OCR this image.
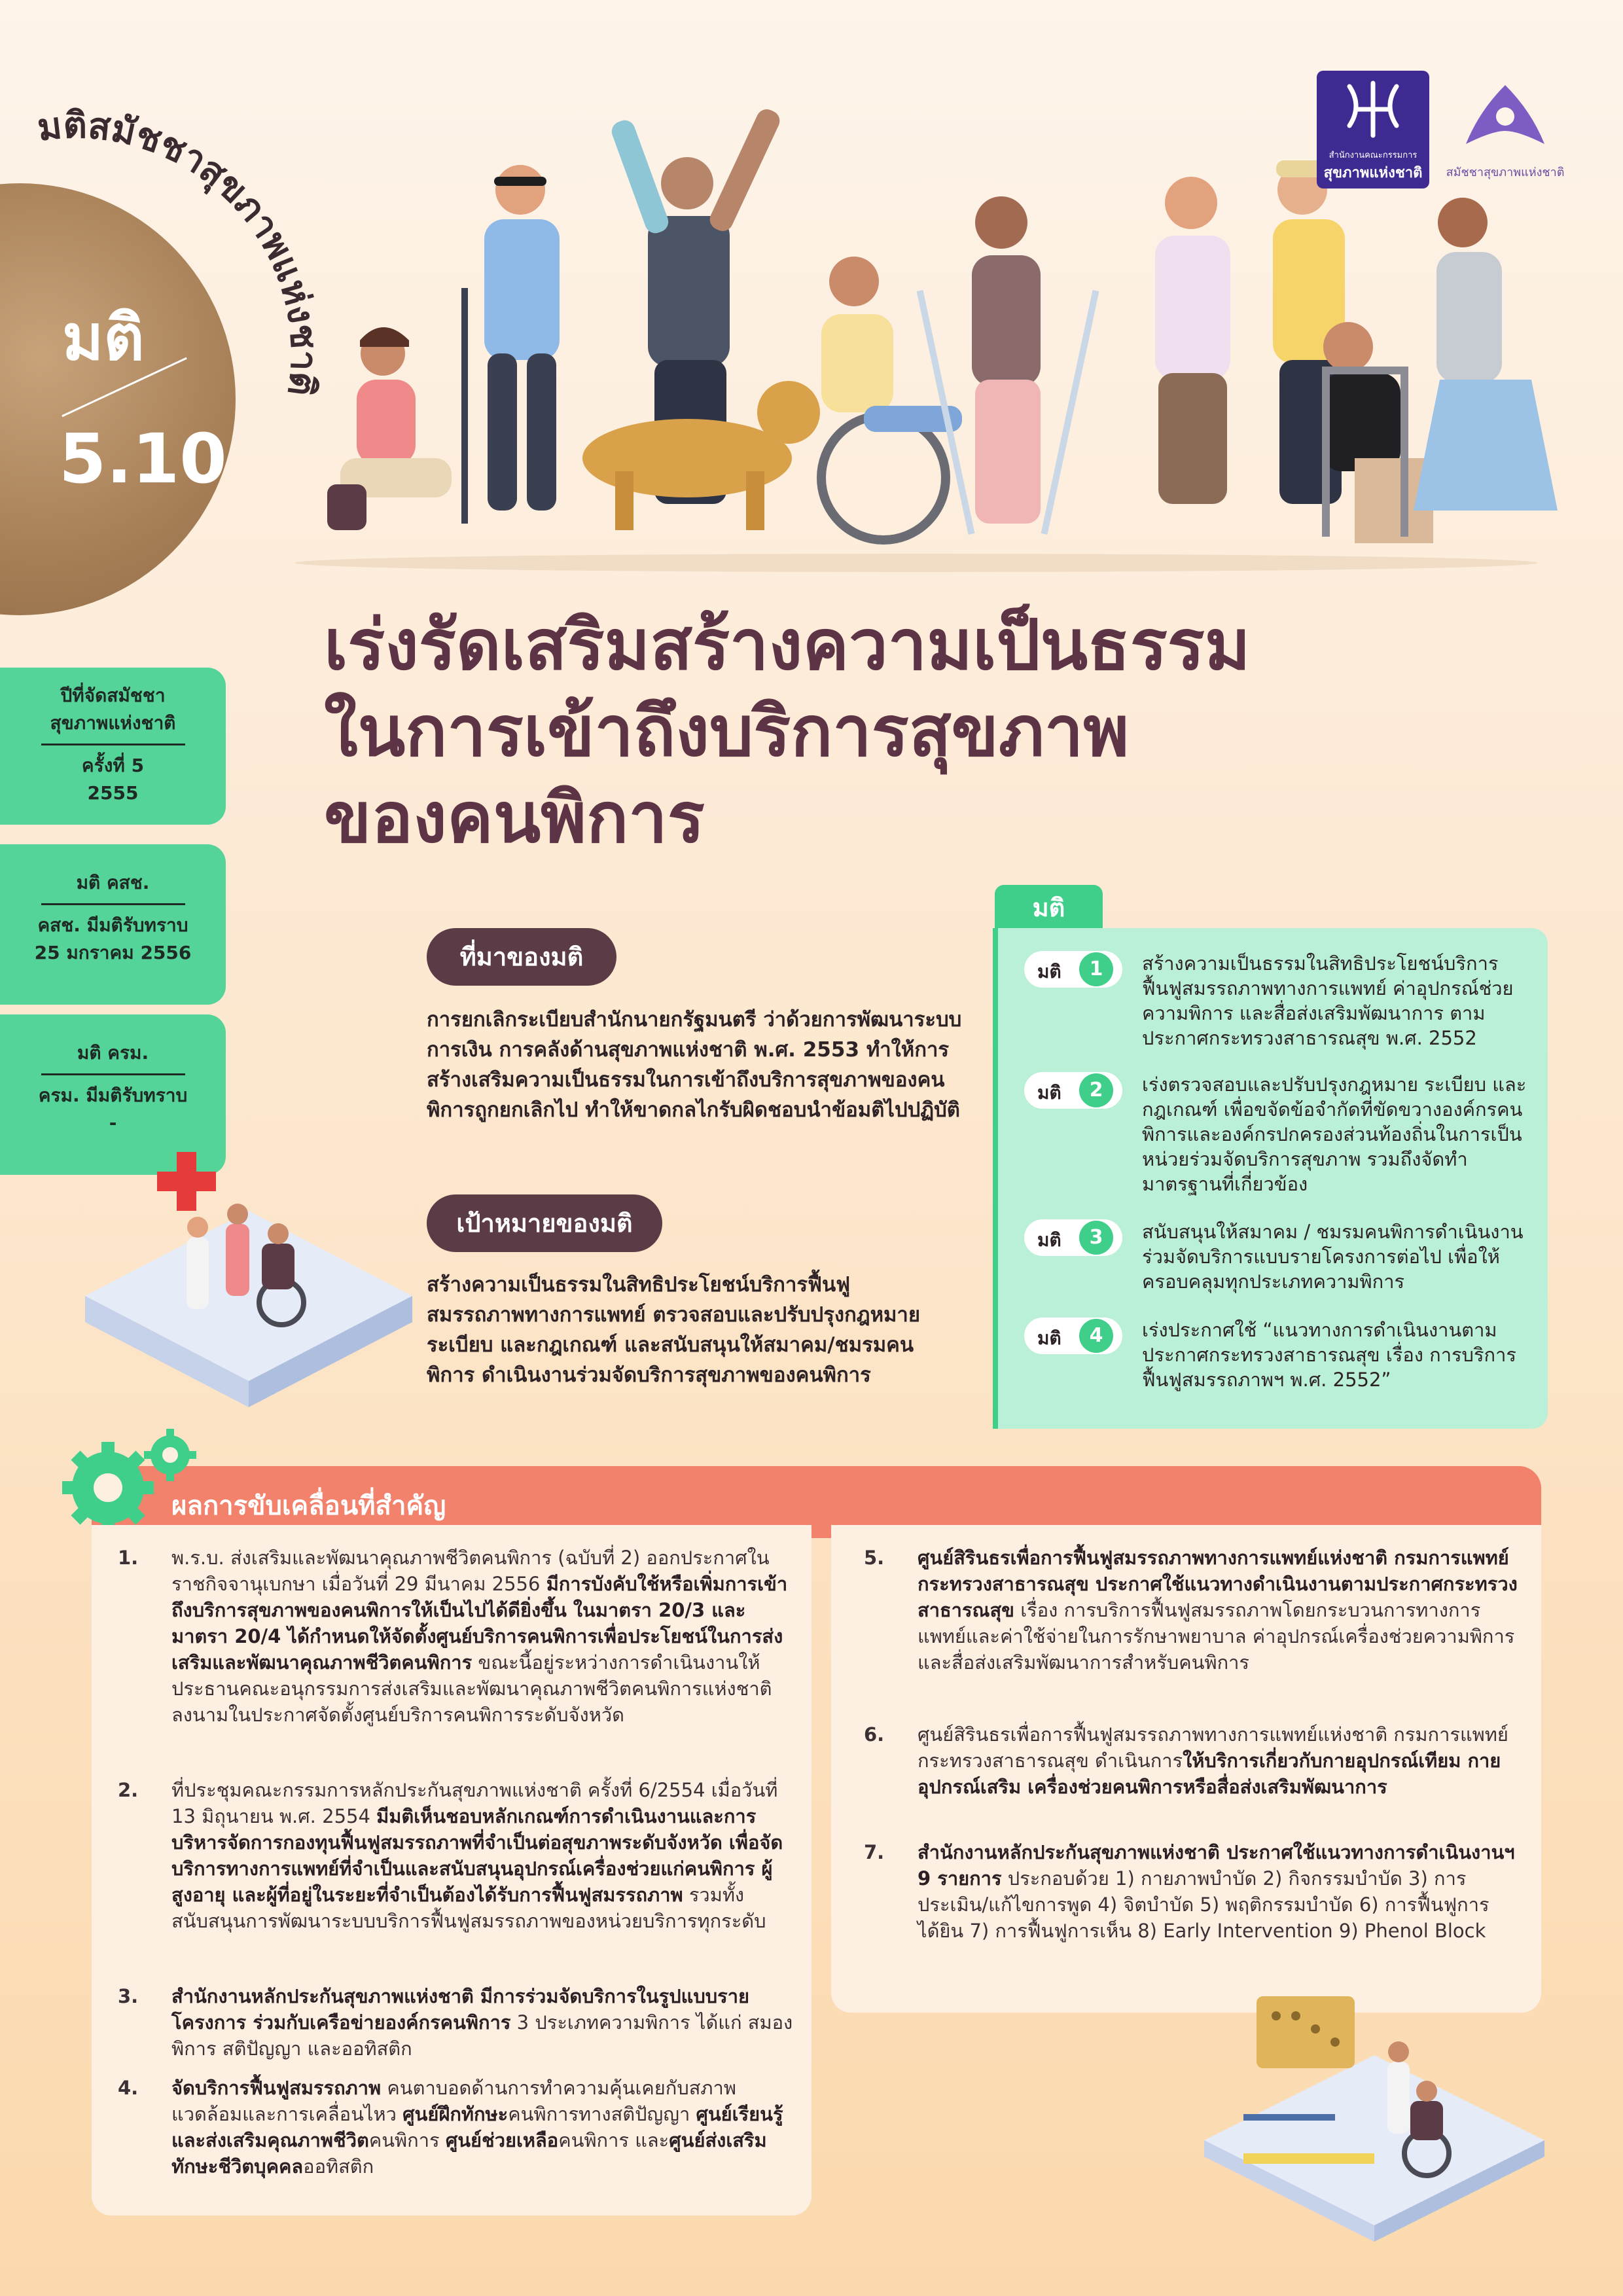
มติสมัชชาสุขภาพแห่งชาติ
มติ
5.10
สำนักงานคณะกรรมการ
สุขภาพแห่งชาติ	สมัชชาสุขภาพแห่งชาติ
เร่งรัดเสริมสร้างความเป็นธรรม
ในการเข้าถึงบริการสุขภาพ
ของคนพิการ
ปีที่จัดสมัชชา
สุขภาพแห่งชาติ
ครั้งที่ 5
2555
มติ คสช.
คสช. มีมติรับทราบ
25 มกราคม 2556
มติ ครม.
ครม. มีมติรับทราบ
-
ที่มาของมติ
การยกเลิกระเบียบสำนักนายกรัฐมนตรี ว่าด้วยการพัฒนาระบบการเงิน การคลังด้านสุขภาพแห่งชาติ พ.ศ. 2553 ทำให้การสร้างเสริมความเป็นธรรมในการเข้าถึงบริการสุขภาพของคนพิการถูกยกเลิกไป ทำให้ขาดกลไกรับผิดชอบนำข้อมติไปปฏิบัติ
เป้าหมายของมติ
สร้างความเป็นธรรมในสิทธิประโยชน์บริการฟื้นฟูสมรรถภาพทางการแพทย์ ตรวจสอบและปรับปรุงกฎหมาย ระเบียบ และกฎเกณฑ์ และสนับสนุนให้สมาคม/ชมรมคนพิการ ดำเนินงานร่วมจัดบริการสุขภาพของคนพิการ
มติ
มติ	1	สร้างความเป็นธรรมในสิทธิประโยชน์บริการฟื้นฟูสมรรถภาพทางการแพทย์ ค่าอุปกรณ์ช่วยความพิการ และสื่อส่งเสริมพัฒนาการ ตามประกาศกระทรวงสาธารณสุข พ.ศ. 2552
มติ	2	เร่งตรวจสอบและปรับปรุงกฎหมาย ระเบียบ และกฎเกณฑ์ เพื่อขจัดข้อจำกัดที่ขัดขวางองค์กรคนพิการและองค์กรปกครองส่วนท้องถิ่นในการเป็นหน่วยร่วมจัดบริการสุขภาพ รวมถึงจัดทำมาตรฐานที่เกี่ยวข้อง
มติ	3	สนับสนุนให้สมาคม / ชมรมคนพิการดำเนินงานร่วมจัดบริการแบบรายโครงการต่อไป เพื่อให้ครอบคลุมทุกประเภทความพิการ
มติ	4	เร่งประกาศใช้ “แนวทางการดำเนินงานตามประกาศกระทรวงสาธารณสุข เรื่อง การบริการฟื้นฟูสมรรถภาพฯ พ.ศ. 2552”
ผลการขับเคลื่อนที่สำคัญ
1. พ.ร.บ. ส่งเสริมและพัฒนาคุณภาพชีวิตคนพิการ (ฉบับที่ 2) ออกประกาศในราชกิจจานุเบกษา เมื่อวันที่ 29 มีนาคม 2556 มีการบังคับใช้หรือเพิ่มการเข้าถึงบริการสุขภาพของคนพิการให้เป็นไปได้ดียิ่งขึ้น ในมาตรา 20/3 และมาตรา 20/4 ได้กำหนดให้จัดตั้งศูนย์บริการคนพิการเพื่อประโยชน์ในการส่งเสริมและพัฒนาคุณภาพชีวิตคนพิการ ขณะนี้อยู่ระหว่างการดำเนินงานให้ประธานคณะอนุกรรมการส่งเสริมและพัฒนาคุณภาพชีวิตคนพิการแห่งชาติ ลงนามในประกาศจัดตั้งศูนย์บริการคนพิการระดับจังหวัด
2. ที่ประชุมคณะกรรมการหลักประกันสุขภาพแห่งชาติ ครั้งที่ 6/2554 เมื่อวันที่ 13 มิถุนายน พ.ศ. 2554 มีมติเห็นชอบหลักเกณฑ์การดำเนินงานและการบริหารจัดการกองทุนฟื้นฟูสมรรถภาพที่จำเป็นต่อสุขภาพระดับจังหวัด เพื่อจัดบริการทางการแพทย์ที่จำเป็นและสนับสนุนอุปกรณ์เครื่องช่วยแก่คนพิการ ผู้สูงอายุ และผู้ที่อยู่ในระยะที่จำเป็นต้องได้รับการฟื้นฟูสมรรถภาพ รวมทั้งสนับสนุนการพัฒนาระบบบริการฟื้นฟูสมรรถภาพของหน่วยบริการทุกระดับ
3. สำนักงานหลักประกันสุขภาพแห่งชาติ มีการร่วมจัดบริการในรูปแบบรายโครงการ ร่วมกับเครือข่ายองค์กรคนพิการ 3 ประเภทความพิการ ได้แก่ สมองพิการ สติปัญญา และออทิสติก
4. จัดบริการฟื้นฟูสมรรถภาพ คนตาบอดด้านการทำความคุ้นเคยกับสภาพแวดล้อมและการเคลื่อนไหว ศูนย์ฝึกทักษะคนพิการทางสติปัญญา ศูนย์เรียนรู้และส่งเสริมคุณภาพชีวิตคนพิการ ศูนย์ช่วยเหลือคนพิการ และศูนย์ส่งเสริมทักษะชีวิตบุคคลออทิสติก
5. ศูนย์สิรินธรเพื่อการฟื้นฟูสมรรถภาพทางการแพทย์แห่งชาติ กรมการแพทย์ กระทรวงสาธารณสุข ประกาศใช้แนวทางดำเนินงานตามประกาศกระทรวงสาธารณสุข เรื่อง การบริการฟื้นฟูสมรรถภาพโดยกระบวนการทางการแพทย์และค่าใช้จ่ายในการรักษาพยาบาล ค่าอุปกรณ์เครื่องช่วยความพิการ และสื่อส่งเสริมพัฒนาการสำหรับคนพิการ
6. ศูนย์สิรินธรเพื่อการฟื้นฟูสมรรถภาพทางการแพทย์แห่งชาติ กรมการแพทย์ กระทรวงสาธารณสุข ดำเนินการให้บริการเกี่ยวกับกายอุปกรณ์เทียม กายอุปกรณ์เสริม เครื่องช่วยคนพิการหรือสื่อส่งเสริมพัฒนาการ
7. สำนักงานหลักประกันสุขภาพแห่งชาติ ประกาศใช้แนวทางการดำเนินงานฯ 9 รายการ ประกอบด้วย 1) กายภาพบำบัด 2) กิจกรรมบำบัด 3) การประเมิน/แก้ไขการพูด 4) จิตบำบัด 5) พฤติกรรมบำบัด 6) การฟื้นฟูการได้ยิน 7) การฟื้นฟูการเห็น 8) Early Intervention 9) Phenol Block
